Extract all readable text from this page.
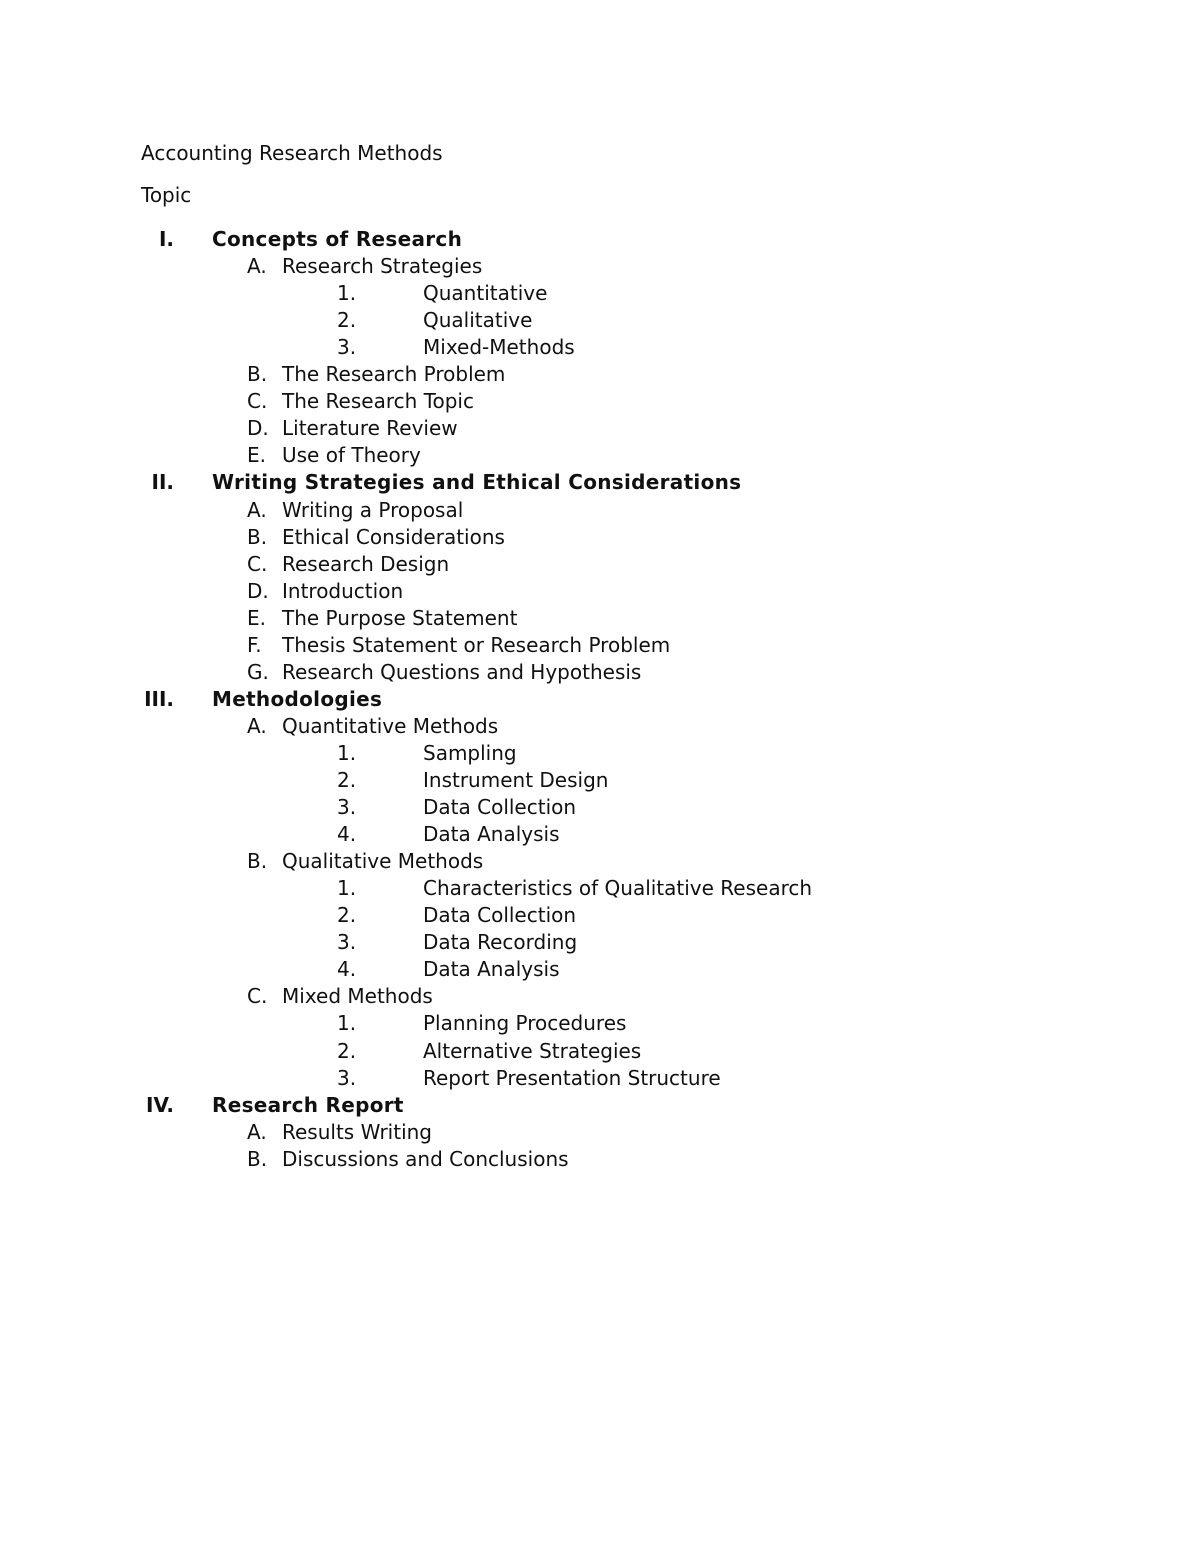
Accounting Research Methods
Topic
I. Concepts of Research
A. Research Strategies
1.	Quantitative
2.	Qualitative
3.	Mixed-Methods
B. The Research Problem
C. The Research Topic
D. Literature Review
E. Use of Theory
II. Writing Strategies and Ethical Considerations
A. Writing a Proposal
B. Ethical Considerations
C. Research Design
D. Introduction
E. The Purpose Statement
F. Thesis Statement or Research Problem
G. Research Questions and Hypothesis
III. Methodologies
A. Quantitative Methods
1.	Sampling
2.	Instrument Design
3.	Data Collection
4.	Data Analysis
B. Qualitative Methods
1.	Characteristics of Qualitative Research
2.	Data Collection
3.	Data Recording
4.	Data Analysis
C. Mixed Methods
1.	Planning Procedures
2.	Alternative Strategies
3.	Report Presentation Structure
IV. Research Report
A. Results Writing
B. Discussions and Conclusions
